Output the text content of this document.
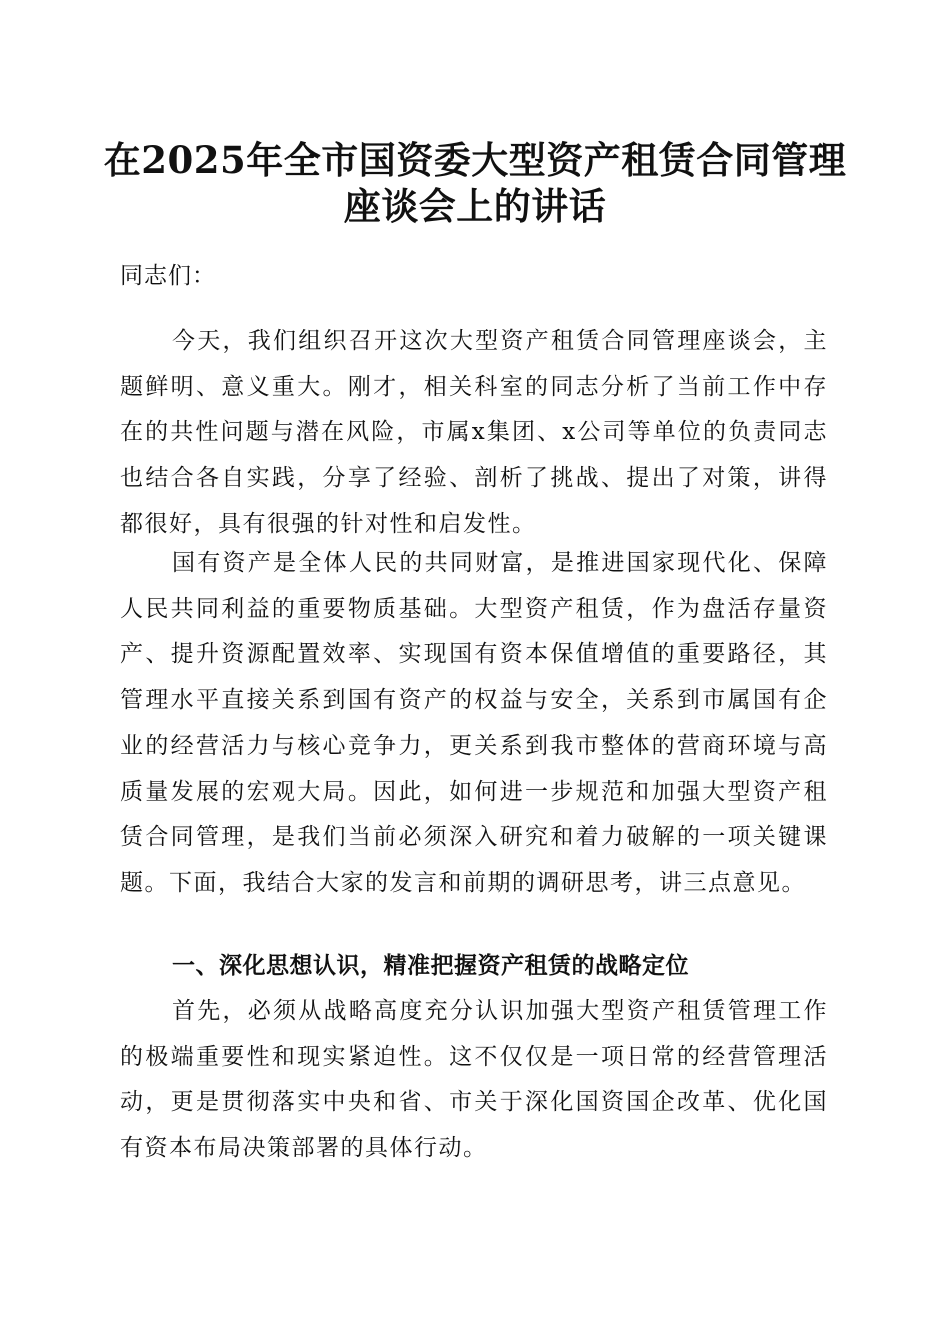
在2025年全市国资委大型资产租赁合同管理
座谈会上的讲话

同志们：

今天，我们组织召开这次大型资产租赁合同管理座谈会，主题鲜明、意义重大。刚才，相关科室的同志分析了当前工作中存在的共性问题与潜在风险，市属x集团、x公司等单位的负责同志也结合各自实践，分享了经验、剖析了挑战、提出了对策，讲得都很好，具有很强的针对性和启发性。

国有资产是全体人民的共同财富，是推进国家现代化、保障人民共同利益的重要物质基础。大型资产租赁，作为盘活存量资产、提升资源配置效率、实现国有资本保值增值的重要路径，其管理水平直接关系到国有资产的权益与安全，关系到市属国有企业的经营活力与核心竞争力，更关系到我市整体的营商环境与高质量发展的宏观大局。因此，如何进一步规范和加强大型资产租赁合同管理，是我们当前必须深入研究和着力破解的一项关键课题。下面，我结合大家的发言和前期的调研思考，讲三点意见。

一、深化思想认识，精准把握资产租赁的战略定位

首先，必须从战略高度充分认识加强大型资产租赁管理工作的极端重要性和现实紧迫性。这不仅仅是一项日常的经营管理活动，更是贯彻落实中央和省、市关于深化国资国企改革、优化国有资本布局决策部署的具体行动。
